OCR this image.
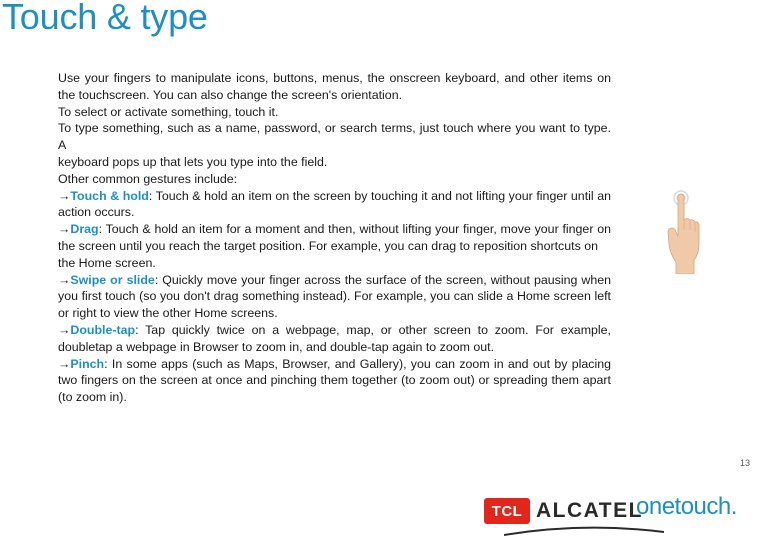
Touch & type

Use your fingers to manipulate icons, buttons, menus, the onscreen keyboard, and other items on the touchscreen. You can also change the screen's orientation.

To select or activate something, touch it.

To type something, such as a name, password, or search terms, just touch where you want to type. A

keyboard pops up that lets you type into the field.

Other common gestures include:

→Touch & hold: Touch & hold an item on the screen by touching it and not lifting your finger until an action occurs.

→Drag: Touch & hold an item for a moment and then, without lifting your finger, move your finger on the screen until you reach the target position. For example, you can drag to reposition shortcuts on

the Home screen.

→Swipe or slide: Quickly move your finger across the surface of the screen, without pausing when you first touch (so you don't drag something instead). For example, you can slide a Home screen left or right to view the other Home screens.

→Double-tap: Tap quickly twice on a webpage, map, or other screen to zoom. For example, doubletap a webpage in Browser to zoom in, and double-tap again to zoom out.

→Pinch: In some apps (such as Maps, Browser, and Gallery), you can zoom in and out by placing two fingers on the screen at once and pinching them together (to zoom out) or spreading them apart (to zoom in).

13
TCL ALCATEL
onetouch.
